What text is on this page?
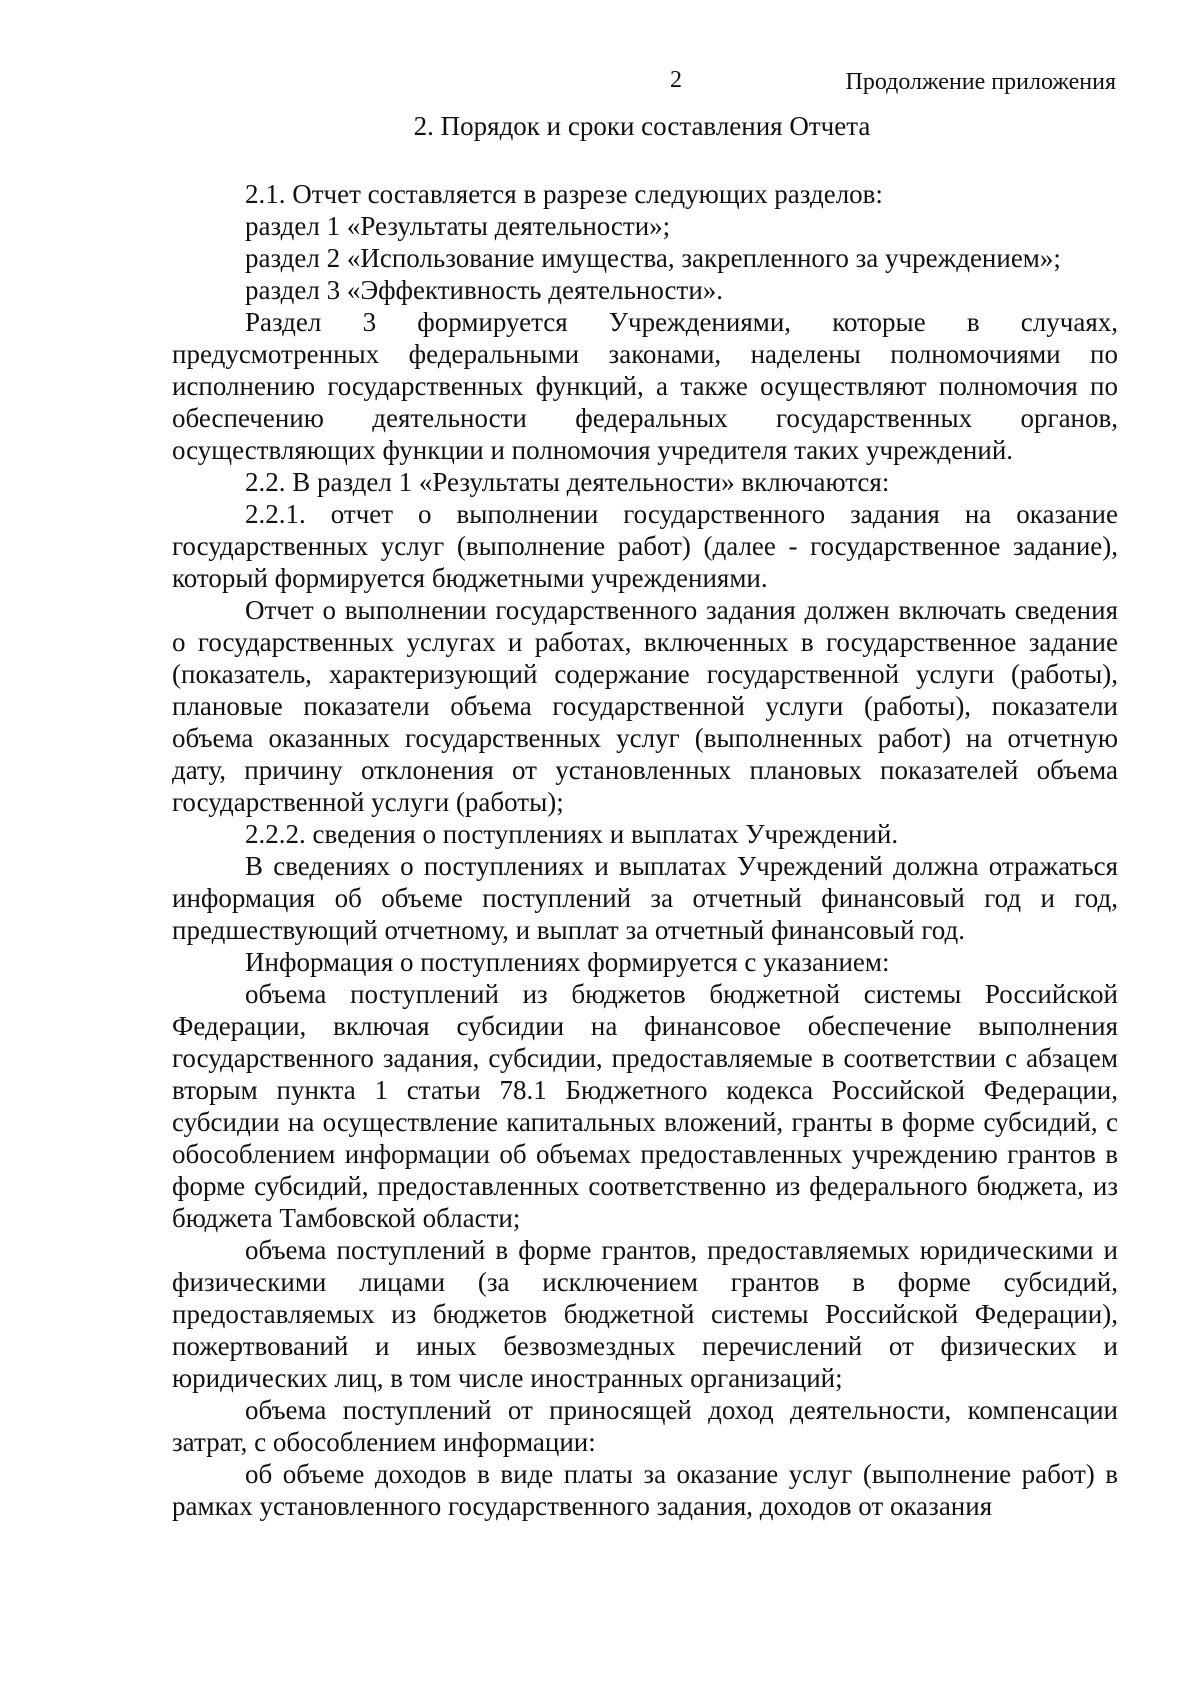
2	Продолжение приложения
2. Порядок и сроки составления Отчета

2.1. Отчет составляется в разрезе следующих разделов:

раздел 1 «Результаты деятельности»;

раздел 2 «Использование имущества, закрепленного за учреждением»;

раздел 3 «Эффективность деятельности».

Раздел 3 формируется Учреждениями, которые в случаях, предусмотренных федеральными законами, наделены полномочиями по исполнению государственных функций, а также осуществляют полномочия по обеспечению деятельности федеральных государственных органов, осуществляющих функции и полномочия учредителя таких учреждений.

2.2. В раздел 1 «Результаты деятельности» включаются:

2.2.1. отчет о выполнении государственного задания на оказание государственных услуг (выполнение работ) (далее - государственное задание), который формируется бюджетными учреждениями.

Отчет о выполнении государственного задания должен включать сведения о государственных услугах и работах, включенных в государственное задание (показатель, характеризующий содержание государственной услуги (работы), плановые показатели объема государственной услуги (работы), показатели объема оказанных государственных услуг (выполненных работ) на отчетную дату, причину отклонения от установленных плановых показателей объема государственной услуги (работы);

2.2.2. сведения о поступлениях и выплатах Учреждений.

В сведениях о поступлениях и выплатах Учреждений должна отражаться информация об объеме поступлений за отчетный финансовый год и год, предшествующий отчетному, и выплат за отчетный финансовый год.

Информация о поступлениях формируется с указанием:

объема поступлений из бюджетов бюджетной системы Российской Федерации, включая субсидии на финансовое обеспечение выполнения государственного задания, субсидии, предоставляемые в соответствии с абзацем вторым пункта 1 статьи 78.1 Бюджетного кодекса Российской Федерации, субсидии на осуществление капитальных вложений, гранты в форме субсидий, с обособлением информации об объемах предоставленных учреждению грантов в форме субсидий, предоставленных соответственно из федерального бюджета, из бюджета Тамбовской области;

объема поступлений в форме грантов, предоставляемых юридическими и физическими лицами (за исключением грантов в форме субсидий, предоставляемых из бюджетов бюджетной системы Российской Федерации), пожертвований и иных безвозмездных перечислений от физических и юридических лиц, в том числе иностранных организаций;

объема поступлений от приносящей доход деятельности, компенсации затрат, с обособлением информации:

об объеме доходов в виде платы за оказание услуг (выполнение работ) в рамках установленного государственного задания, доходов от оказания
